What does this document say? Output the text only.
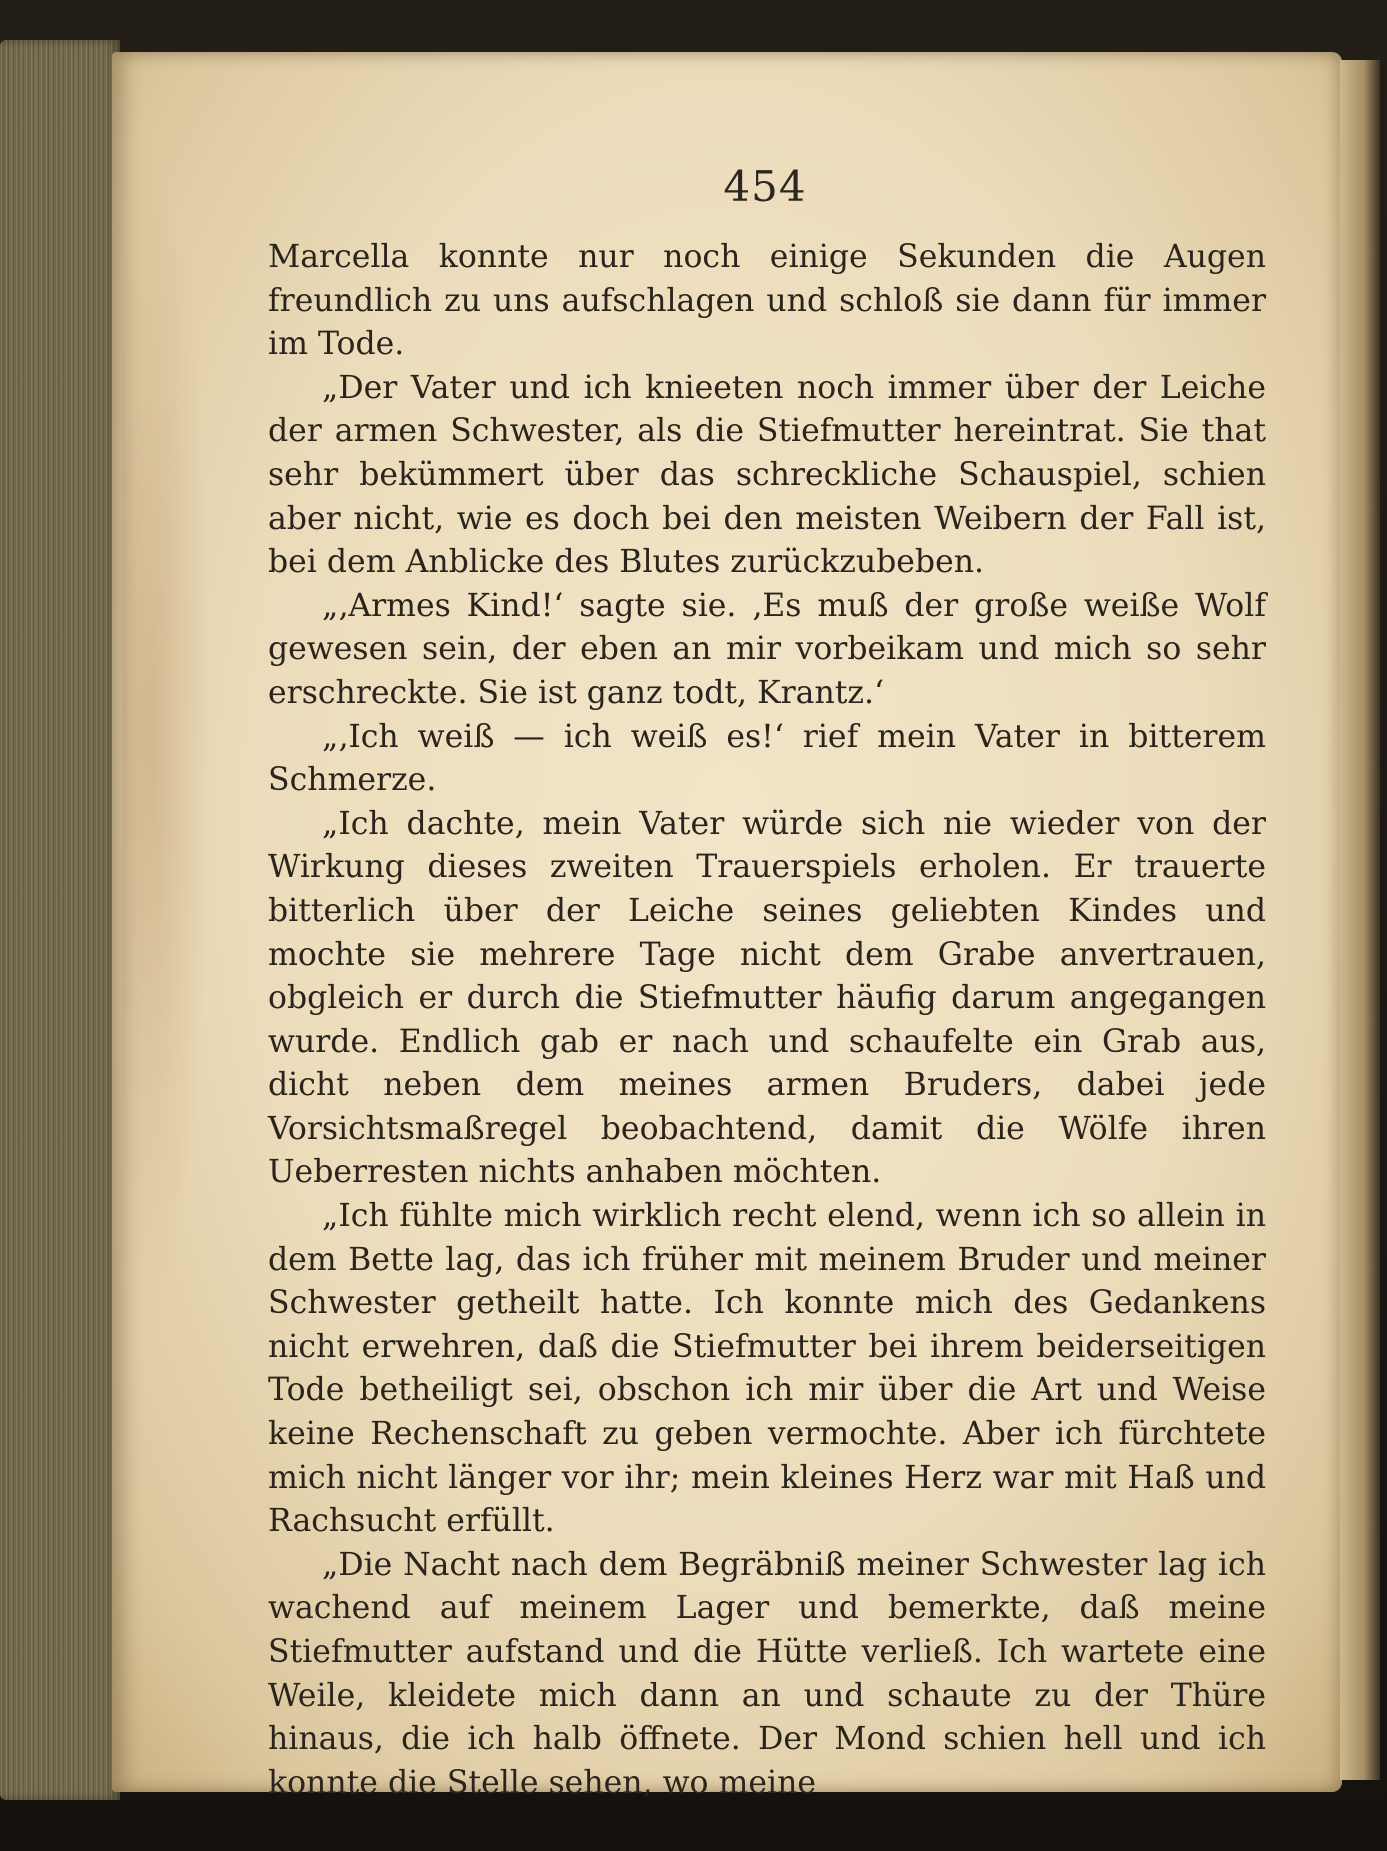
454

Marcella konnte nur noch einige Sekunden die Augen freundlich zu uns aufschlagen und schloß sie dann für immer im Tode.

„Der Vater und ich knieeten noch immer über der Leiche der armen Schwester, als die Stiefmutter hereintrat. Sie that sehr bekümmert über das schreckliche Schauspiel, schien aber nicht, wie es doch bei den meisten Weibern der Fall ist, bei dem Anblicke des Blutes zurückzubeben.

„‚Armes Kind!‘ sagte sie. ‚Es muß der große weiße Wolf gewesen sein, der eben an mir vorbeikam und mich so sehr erschreckte. Sie ist ganz todt, Krantz.‘

„‚Ich weiß — ich weiß es!‘ rief mein Vater in bitterem Schmerze.

„Ich dachte, mein Vater würde sich nie wieder von der Wirkung dieses zweiten Trauerspiels erholen. Er trauerte bitterlich über der Leiche seines geliebten Kindes und mochte sie mehrere Tage nicht dem Grabe anvertrauen, obgleich er durch die Stiefmutter häufig darum angegangen wurde. Endlich gab er nach und schaufelte ein Grab aus, dicht neben dem meines armen Bruders, dabei jede Vorsichtsmaßregel beobachtend, damit die Wölfe ihren Ueberresten nichts anhaben möchten.

„Ich fühlte mich wirklich recht elend, wenn ich so allein in dem Bette lag, das ich früher mit meinem Bruder und meiner Schwester getheilt hatte. Ich konnte mich des Gedankens nicht erwehren, daß die Stiefmutter bei ihrem beiderseitigen Tode betheiligt sei, obschon ich mir über die Art und Weise keine Rechenschaft zu geben vermochte. Aber ich fürchtete mich nicht länger vor ihr; mein kleines Herz war mit Haß und Rachsucht erfüllt.

„Die Nacht nach dem Begräbniß meiner Schwester lag ich wachend auf meinem Lager und bemerkte, daß meine Stiefmutter aufstand und die Hütte verließ. Ich wartete eine Weile, kleidete mich dann an und schaute zu der Thüre hinaus, die ich halb öffnete. Der Mond schien hell und ich konnte die Stelle sehen, wo meine
